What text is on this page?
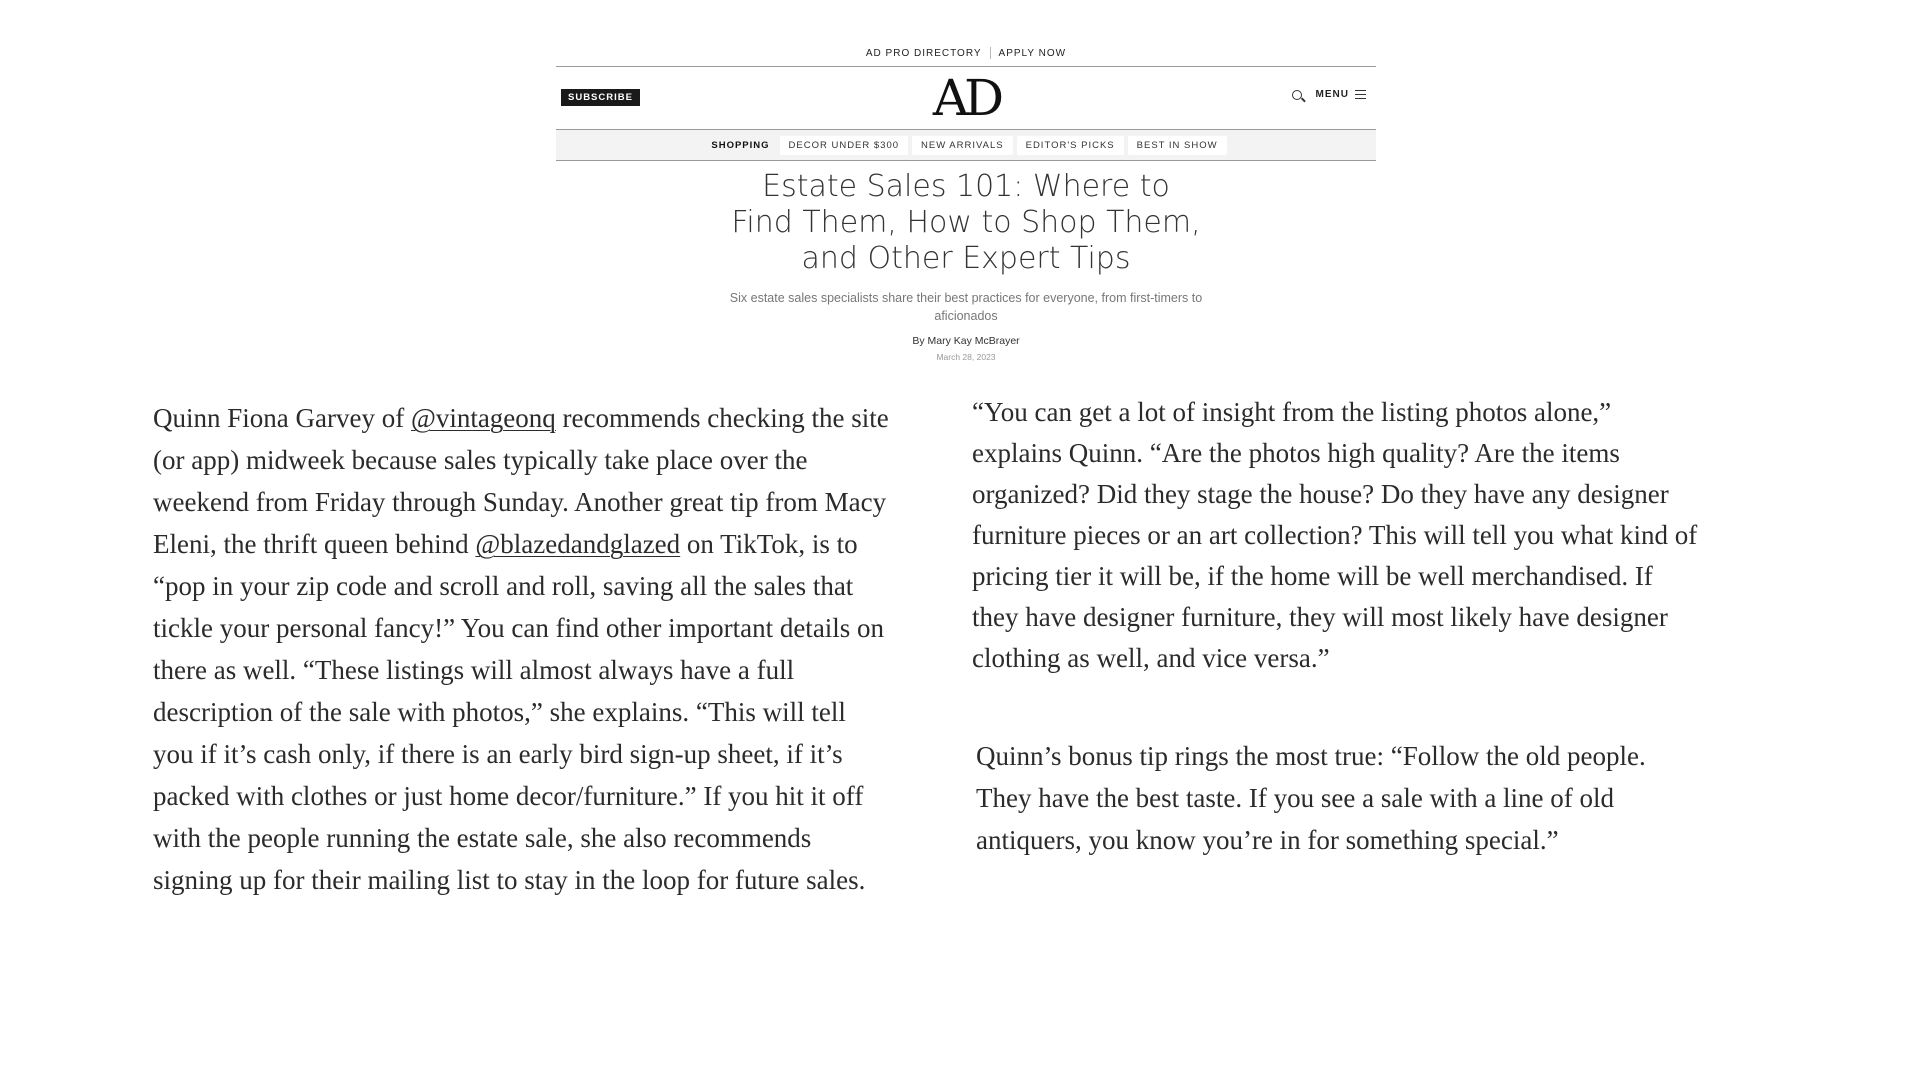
AD PRO DIRECTORY	APPLY NOW
SUBSCRIBE	AD	MENU
SHOPPING	DECOR UNDER $300	NEW ARRIVALS	EDITOR'S PICKS	BEST IN SHOW
Estate Sales 101: Where to Find Them, How to Shop Them, and Other Expert Tips
Six estate sales specialists share their best practices for everyone, from first-timers to aficionados
By Mary Kay McBrayer
March 28, 2023

Quinn Fiona Garvey of @vintageonq recommends checking the site (or app) midweek because sales typically take place over the weekend from Friday through Sunday. Another great tip from Macy Eleni, the thrift queen behind @blazedandglazed on TikTok, is to “pop in your zip code and scroll and roll, saving all the sales that tickle your personal fancy!” You can find other important details on there as well. “These listings will almost always have a full description of the sale with photos,” she explains. “This will tell you if it’s cash only, if there is an early bird sign-up sheet, if it’s packed with clothes or just home decor/furniture.” If you hit it off with the people running the estate sale, she also recommends signing up for their mailing list to stay in the loop for future sales.

“You can get a lot of insight from the listing photos alone,” explains Quinn. “Are the photos high quality? Are the items organized? Did they stage the house? Do they have any designer furniture pieces or an art collection? This will tell you what kind of pricing tier it will be, if the home will be well merchandised. If they have designer furniture, they will most likely have designer clothing as well, and vice versa.”

Quinn’s bonus tip rings the most true: “Follow the old people. They have the best taste. If you see a sale with a line of old antiquers, you know you’re in for something special.”
